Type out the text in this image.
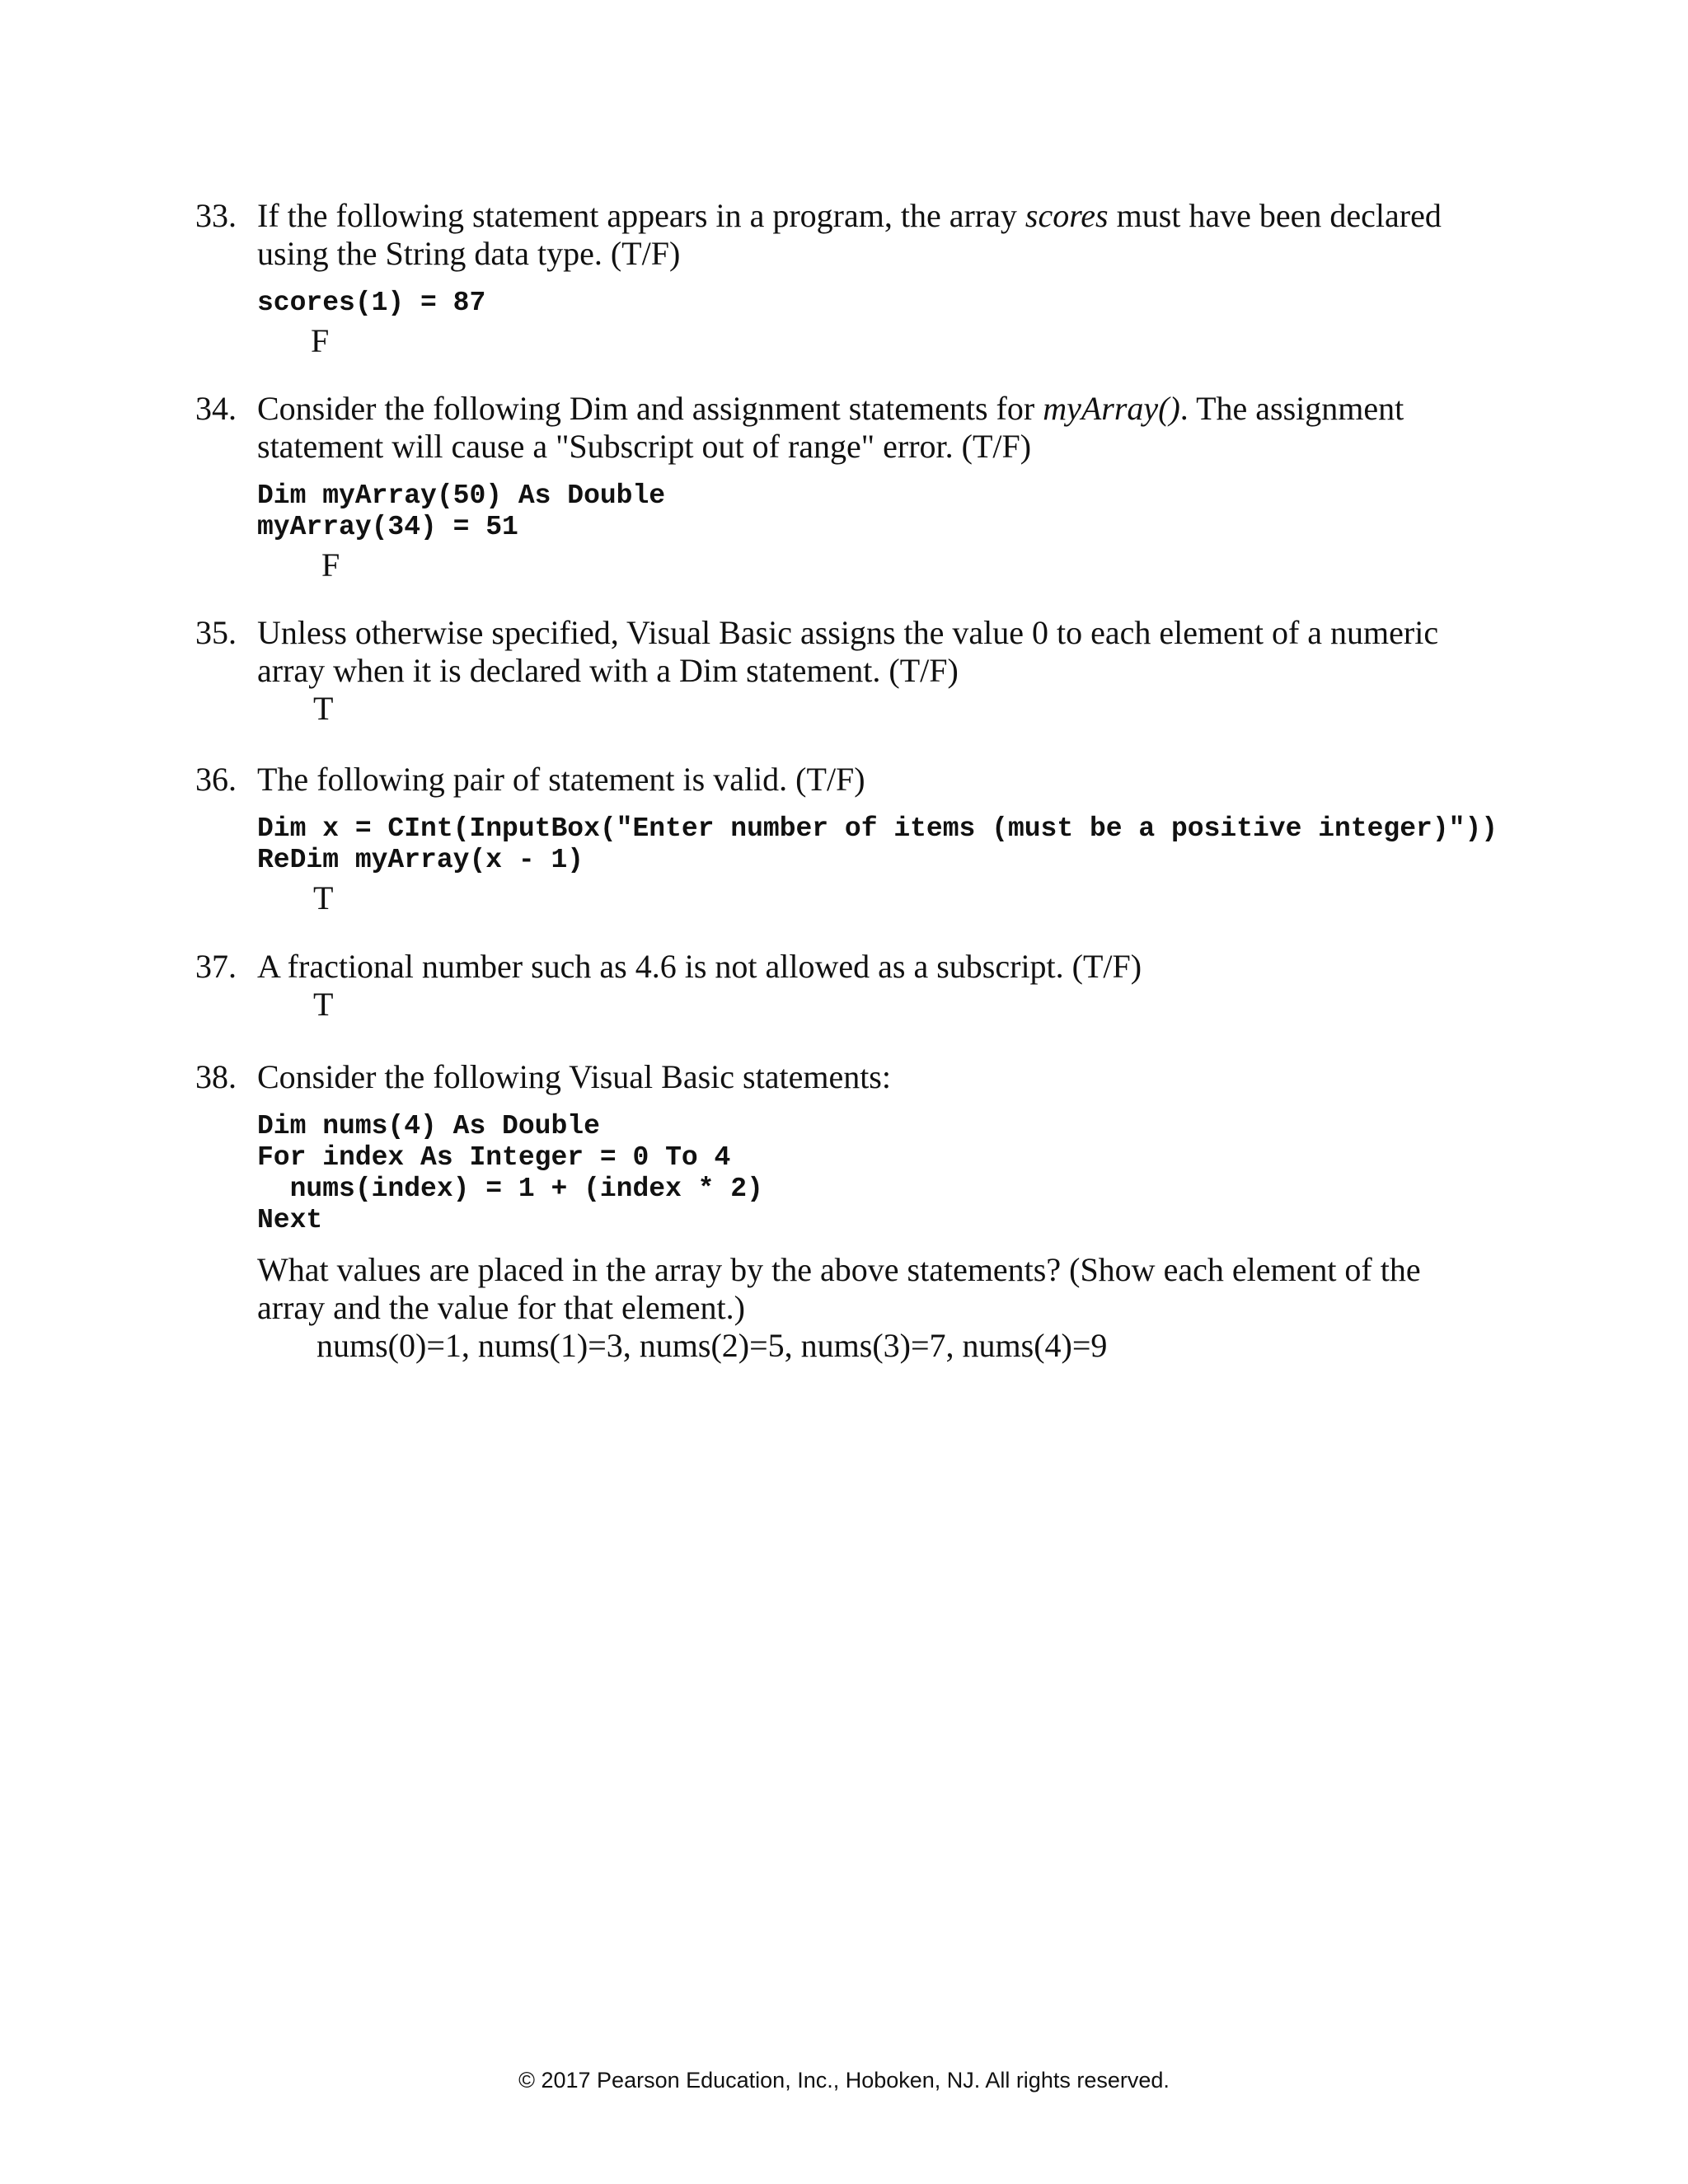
33. If the following statement appears in a program, the array scores must have been declared using the String data type. (T/F)
scores(1) = 87
F
34. Consider the following Dim and assignment statements for myArray(). The assignment statement will cause a "Subscript out of range" error. (T/F)
Dim myArray(50) As Double
myArray(34) = 51
F
35. Unless otherwise specified, Visual Basic assigns the value 0 to each element of a numeric array when it is declared with a Dim statement. (T/F)
T
36. The following pair of statement is valid. (T/F)
Dim x = CInt(InputBox("Enter number of items (must be a positive integer)"))
ReDim myArray(x - 1)
T
37. A fractional number such as 4.6 is not allowed as a subscript. (T/F)
T
38. Consider the following Visual Basic statements:
Dim nums(4) As Double
For index As Integer = 0 To 4
nums(index) = 1 + (index * 2)
Next
What values are placed in the array by the above statements? (Show each element of the array and the value for that element.)
nums(0)=1, nums(1)=3, nums(2)=5, nums(3)=7, nums(4)=9
© 2017 Pearson Education, Inc., Hoboken, NJ. All rights reserved.
